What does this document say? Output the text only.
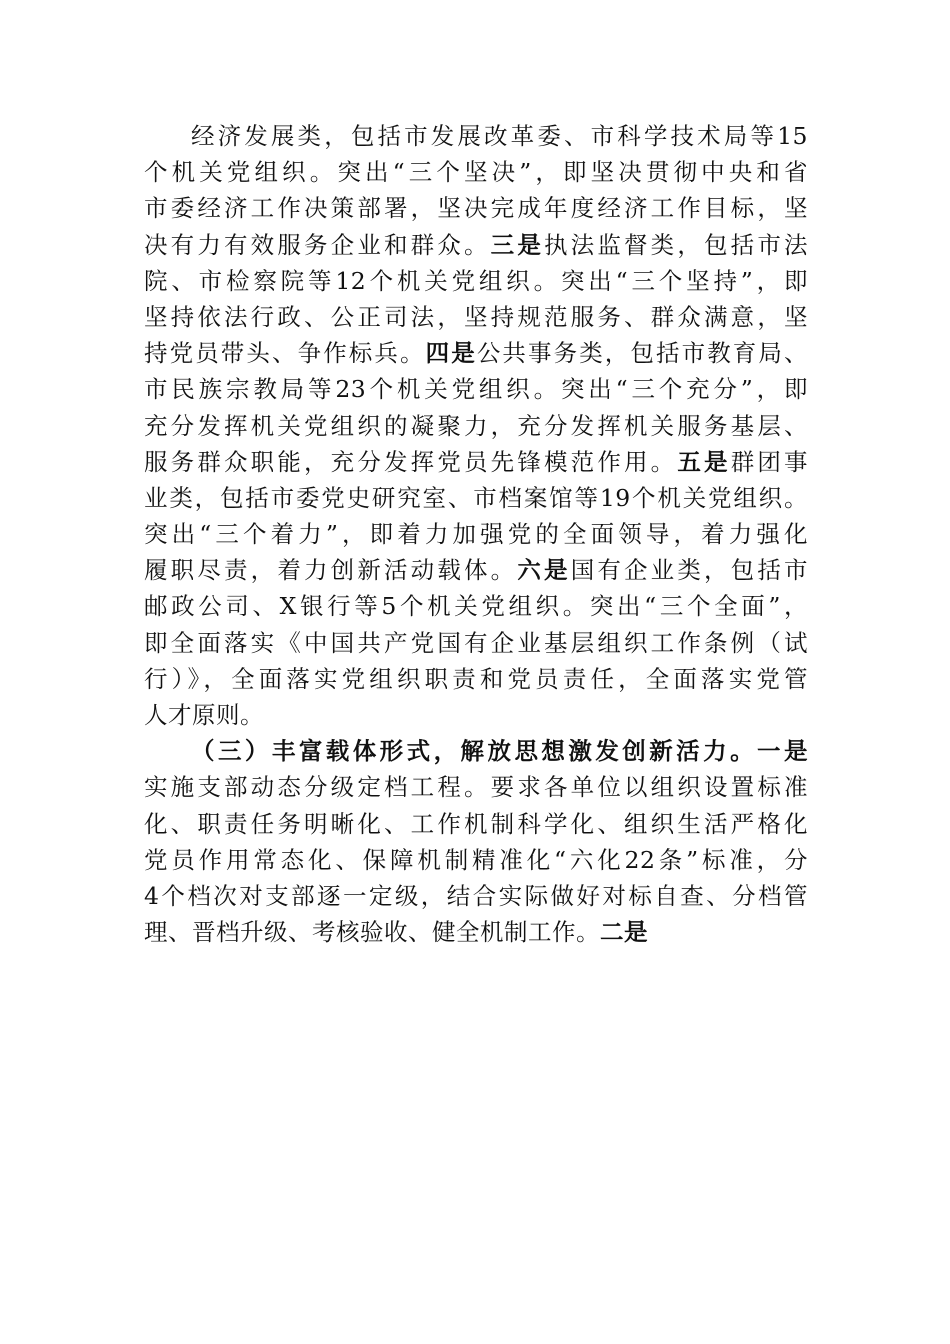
经济发展类，包括市发展改革委、市科学技术局等15
个机关党组织。突出“三个坚决”，即坚决贯彻中央和省
市委经济工作决策部署，坚决完成年度经济工作目标，坚
决有力有效服务企业和群众。三是执法监督类，包括市法
院、市检察院等12个机关党组织。突出“三个坚持”，即
坚持依法行政、公正司法，坚持规范服务、群众满意，坚
持党员带头、争作标兵。四是公共事务类，包括市教育局、
市民族宗教局等23个机关党组织。突出“三个充分”，即
充分发挥机关党组织的凝聚力，充分发挥机关服务基层、
服务群众职能，充分发挥党员先锋模范作用。五是群团事
业类，包括市委党史研究室、市档案馆等19个机关党组织。
突出“三个着力”，即着力加强党的全面领导，着力强化
履职尽责，着力创新活动载体。六是国有企业类，包括市
邮政公司、X银行等5个机关党组织。突出“三个全面”，
即全面落实《中国共产党国有企业基层组织工作条例（试
行）》，全面落实党组织职责和党员责任，全面落实党管
人才原则。
（三）丰富载体形式，解放思想激发创新活力。一是
实施支部动态分级定档工程。要求各单位以组织设置标准
化、职责任务明晰化、工作机制科学化、组织生活严格化
党员作用常态化、保障机制精准化“六化22条”标准，分
4个档次对支部逐一定级，结合实际做好对标自查、分档管
理、晋档升级、考核验收、健全机制工作。二是
